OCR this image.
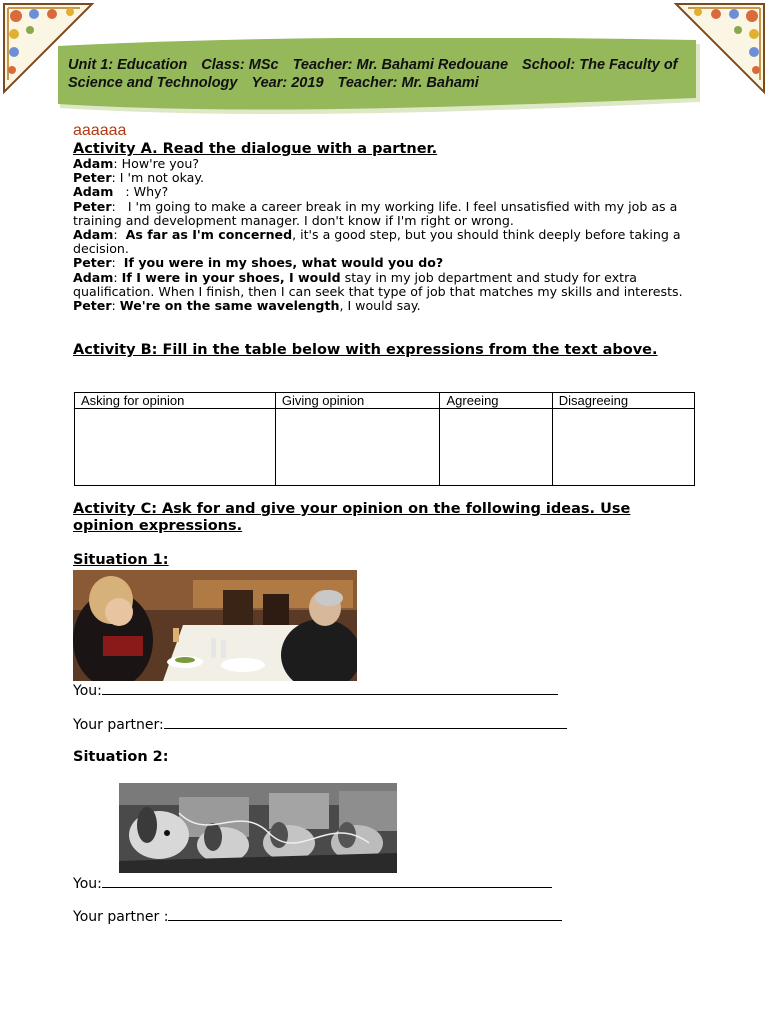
Unit 1: Education Class: MSc Teacher: Mr. Bahami Redouane School: The Faculty of Science and Technology Year: 2019 Teacher: Mr. Bahami
aaaaaa
Activity A. Read the dialogue with a partner.

Adam: How're you?

Peter: I 'm not okay.

Adam   : Why?

Peter:   I 'm going to make a career break in my working life. I feel unsatisfied with my job as a training and development manager. I don't know if I'm right or wrong.

Adam:  As far as I'm concerned, it's a good step, but you should think deeply before taking a decision.

Peter:  If you were in my shoes, what would you do?

Adam: If I were in your shoes, I would stay in my job department and study for extra qualification. When I finish, then I can seek that type of job that matches my skills and interests.

Peter: We're on the same wavelength, I would say.

Activity B: Fill in the table below with expressions from the text above.
Asking for opinion	Giving opinion	Agreeing	Disagreeing

Activity C: Ask for and give your opinion on the following ideas. Use opinion expressions.
Situation 1:
You:
Your partner:
Situation 2:
You:
Your partner :
